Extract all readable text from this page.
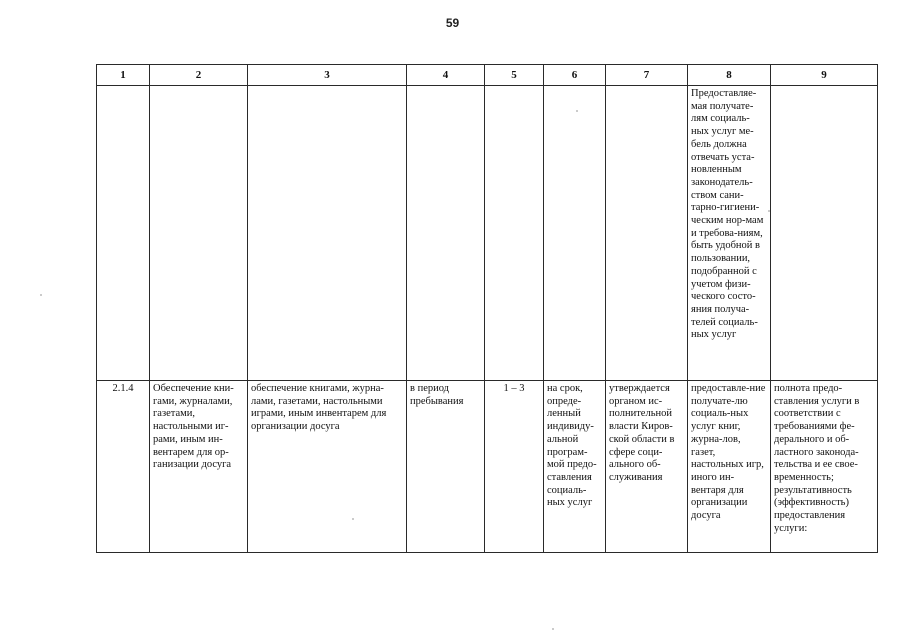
59
1	2	3	4	5	6	7	8	9
							Предоставляе-мая получате-лям социаль-ных услуг ме-бель должна отвечать уста-новленным законодатель-ством сани-тарно-гигиени-ческим нор-мам и требова-ниям, быть удобной в пользовании, подобранной с учетом физи-ческого состо-яния получа-телей социаль-ных услуг	
2.1.4	Обеспечение кни-гами, журналами, газетами, настольными иг-рами, иным ин-вентарем для ор-ганизации досуга	обеспечение книгами, журна-лами, газетами, настольными играми, иным инвентарем для организации досуга	в период пребывания	1 – 3	на срок, опреде-ленный индивиду-альной програм-мой предо-ставления социаль-ных услуг	утверждается органом ис-полнительной власти Киров-ской области в сфере соци-ального об-служивания	предоставле-ние получате-лю социаль-ных услуг книг, журна-лов, газет, настольных игр, иного ин-вентаря для организации досуга	полнота предо-ставления услуги в соответствии с требованиями фе-дерального и об-ластного законода-тельства и ее свое-временность; результативность (эффективность) предоставления услуги:
